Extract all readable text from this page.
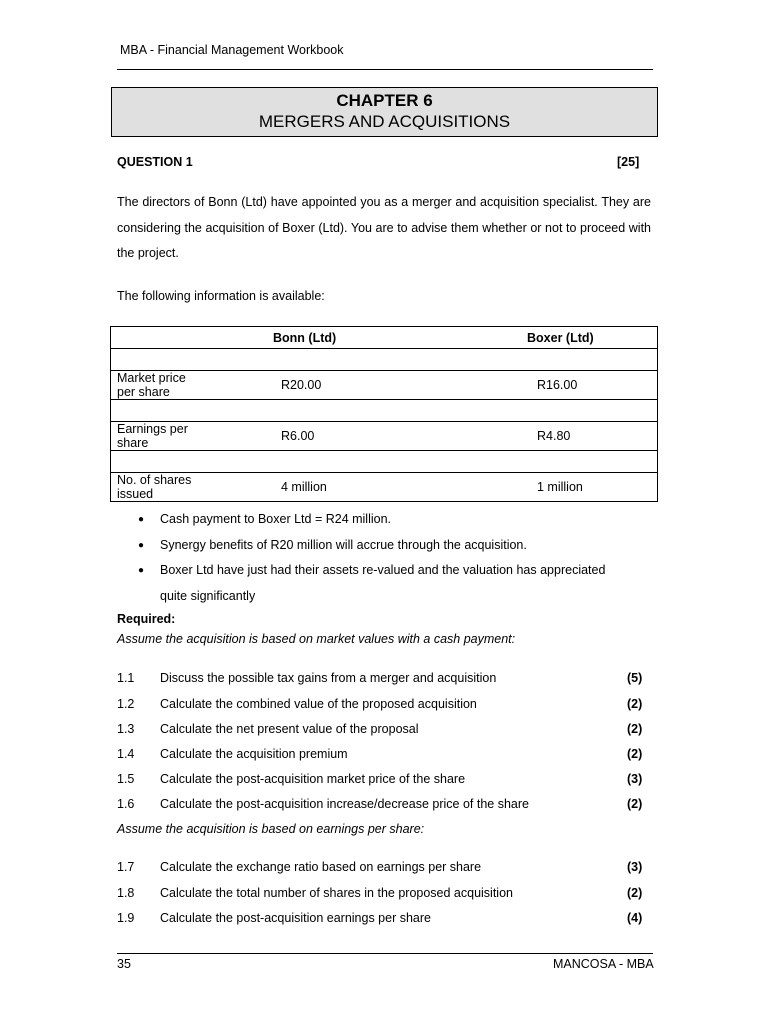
MBA - Financial Management Workbook
CHAPTER 6
MERGERS AND ACQUISITIONS
QUESTION 1	[25]
The directors of Bonn (Ltd) have appointed you as a merger and acquisition specialist. They are considering the acquisition of Boxer (Ltd). You are to advise them whether or not to proceed with the project.
The following information is available:
	Bonn (Ltd)	Boxer (Ltd)

Market price per share	R20.00	R16.00

Earnings per share	R6.00	R4.80

No. of shares issued	4 million	1 million
● Cash payment to Boxer Ltd = R24 million.
● Synergy benefits of R20 million will accrue through the acquisition.
● Boxer Ltd have just had their assets re-valued and the valuation has appreciated quite significantly
Required:
Assume the acquisition is based on market values with a cash payment:
1.1 Discuss the possible tax gains from a merger and acquisition	(5)
1.2 Calculate the combined value of the proposed acquisition	(2)
1.3 Calculate the net present value of the proposal	(2)
1.4 Calculate the acquisition premium	(2)
1.5 Calculate the post-acquisition market price of the share	(3)
1.6 Calculate the post-acquisition increase/decrease price of the share	(2)
Assume the acquisition is based on earnings per share:
1.7 Calculate the exchange ratio based on earnings per share	(3)
1.8 Calculate the total number of shares in the proposed acquisition	(2)
1.9 Calculate the post-acquisition earnings per share	(4)
35	MANCOSA - MBA
